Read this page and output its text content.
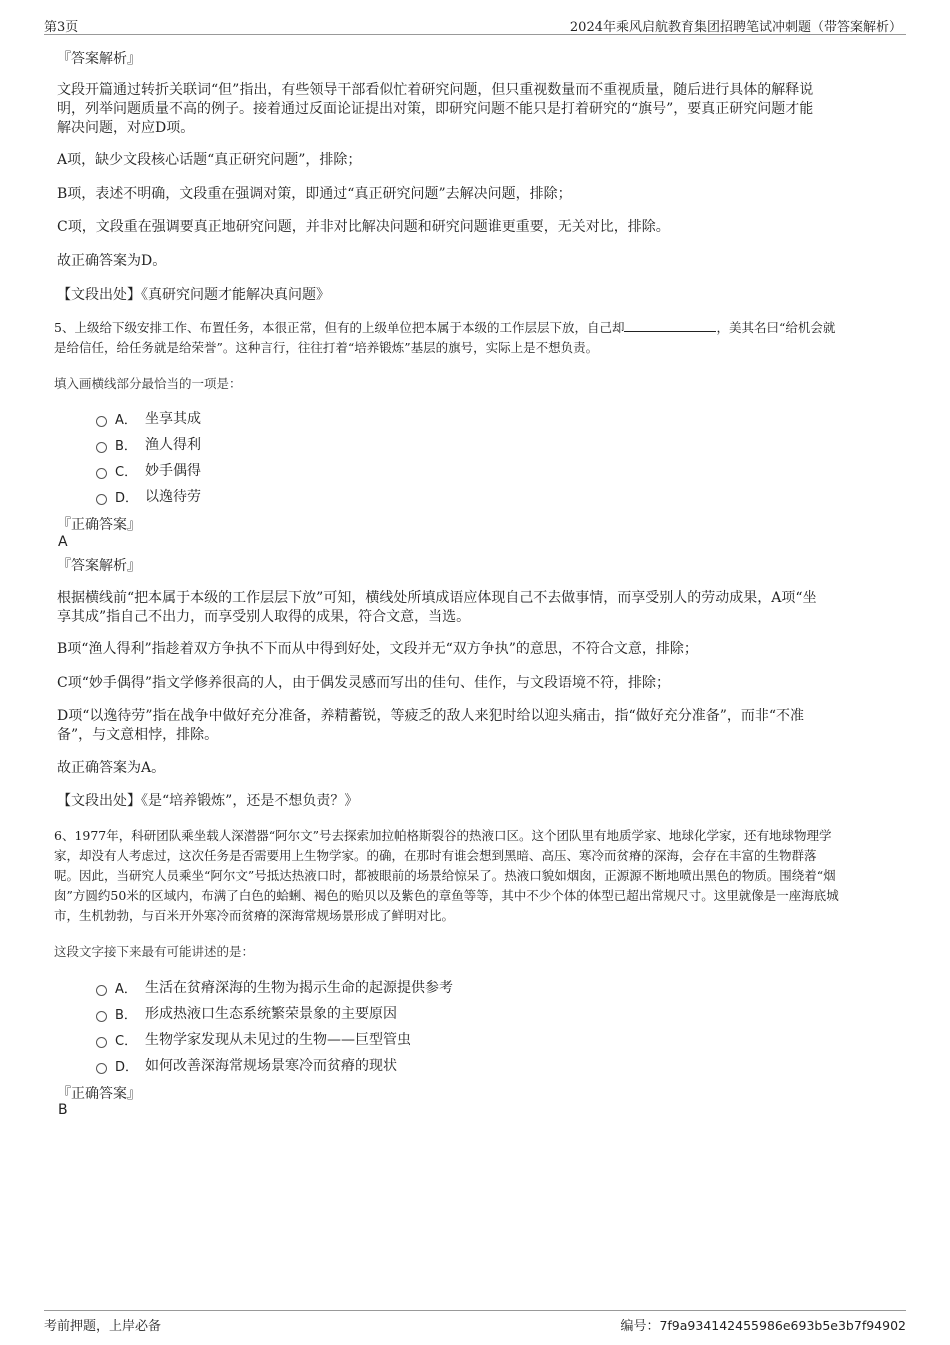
第3页	2024年乘风启航教育集团招聘笔试冲刺题（带答案解析）
『答案解析』
文段开篇通过转折关联词“但”指出，有些领导干部看似忙着研究问题，但只重视数量而不重视质量，随后进行具体的解释说
明，列举问题质量不高的例子。接着通过反面论证提出对策，即研究问题不能只是打着研究的“旗号”，要真正研究问题才能
解决问题，对应D项。
A项，缺少文段核心话题“真正研究问题”，排除；
B项，表述不明确，文段重在强调对策，即通过“真正研究问题”去解决问题，排除；
C项，文段重在强调要真正地研究问题，并非对比解决问题和研究问题谁更重要，无关对比，排除。
故正确答案为D。
【文段出处】《真研究问题才能解决真问题》
5、上级给下级安排工作、布置任务，本很正常，但有的上级单位把本属于本级的工作层层下放，自己却	，美其名曰“给机会就
是给信任，给任务就是给荣誉”。这种言行，往往打着“培养锻炼”基层的旗号，实际上是不想负责。
填入画横线部分最恰当的一项是：
A． 坐享其成
B． 渔人得利
C． 妙手偶得
D． 以逸待劳
『正确答案』
A
『答案解析』
根据横线前“把本属于本级的工作层层下放”可知，横线处所填成语应体现自己不去做事情，而享受别人的劳动成果，A项“坐
享其成”指自己不出力，而享受别人取得的成果，符合文意，当选。
B项“渔人得利”指趁着双方争执不下而从中得到好处，文段并无“双方争执”的意思，不符合文意，排除；
C项“妙手偶得”指文学修养很高的人，由于偶发灵感而写出的佳句、佳作，与文段语境不符，排除；
D项“以逸待劳”指在战争中做好充分准备，养精蓄锐，等疲乏的敌人来犯时给以迎头痛击，指“做好充分准备”，而非“不准
备”，与文意相悖，排除。
故正确答案为A。
【文段出处】《是“培养锻炼”，还是不想负责？》
6、1977年，科研团队乘坐载人深潜器“阿尔文”号去探索加拉帕格斯裂谷的热液口区。这个团队里有地质学家、地球化学家，还有地球物理学
家，却没有人考虑过，这次任务是否需要用上生物学家。的确，在那时有谁会想到黑暗、高压、寒冷而贫瘠的深海，会存在丰富的生物群落
呢。因此，当研究人员乘坐“阿尔文”号抵达热液口时，都被眼前的场景给惊呆了。热液口貌如烟囱，正源源不断地喷出黑色的物质。围绕着“烟
囱”方圆约50米的区域内，布满了白色的蛤蜊、褐色的贻贝以及紫色的章鱼等等，其中不少个体的体型已超出常规尺寸。这里就像是一座海底城
市，生机勃勃，与百米开外寒冷而贫瘠的深海常规场景形成了鲜明对比。
这段文字接下来最有可能讲述的是：
A． 生活在贫瘠深海的生物为揭示生命的起源提供参考
B． 形成热液口生态系统繁荣景象的主要原因
C． 生物学家发现从未见过的生物——巨型管虫
D． 如何改善深海常规场景寒冷而贫瘠的现状
『正确答案』
B
考前押题，上岸必备	编号：7f9a934142455986e693b5e3b7f94902
